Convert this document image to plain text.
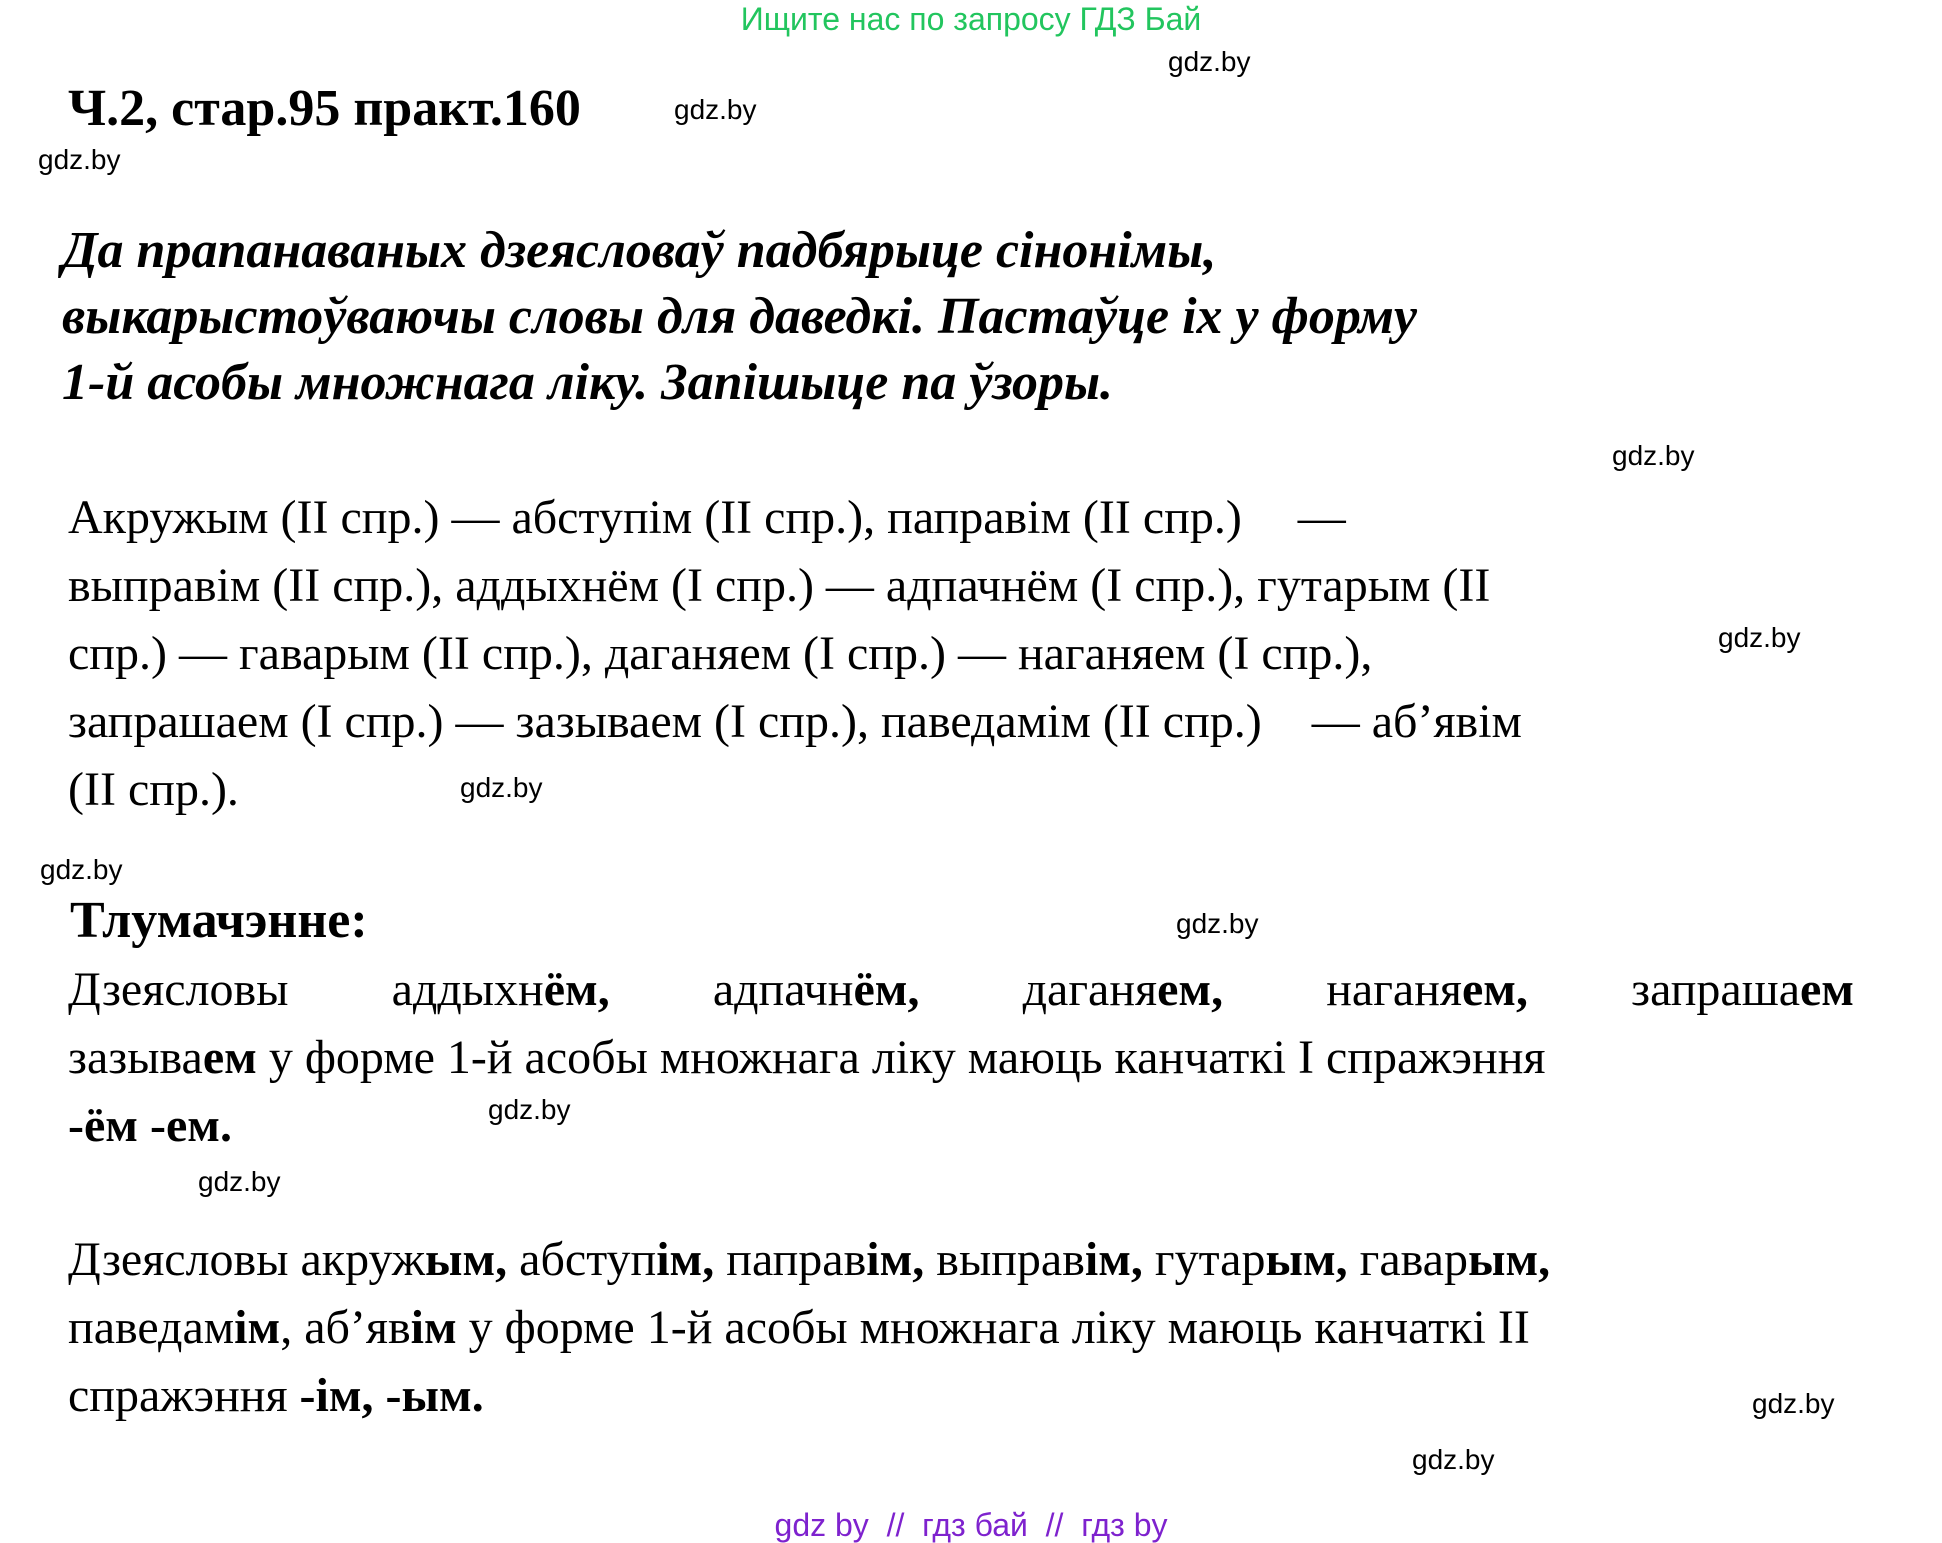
Ищите нас по запросу ГДЗ Бай
Ч.2, стар.95 практ.160
Да прапанаваных дзеясловаў падбярыце сінонімы,
выкарыстоўваючы словы для даведкі. Пастаўце іх у форму
1-й асобы множнага ліку. Запішыце па ўзоры.
Акружым (ІІ спр.) — абступім (ІІ спр.), паправім (ІІ спр.) —
выправім (ІІ спр.), аддыхнём (І спр.) — адпачнём (І спр.), гутарым (ІІ
спр.) — гаварым (ІІ спр.), даганяем (І спр.) — наганяем (І спр.),
запрашаем (І спр.) — зазываем (І спр.), паведамім (ІІ спр.) — аб’явім
(ІІ спр.).
Тлумачэнне:
Дзеясловы аддыхнём, адпачнём, даганяем, наганяем, запрашаем
зазываем у форме 1-й асобы множнага ліку маюць канчаткі І спражэння
-ём -ем.
Дзеясловы акружым, абступім, паправім, выправім, гутарым, гаварым,
паведамім, аб’явім у форме 1-й асобы множнага ліку маюць канчаткі ІІ
спражэння -ім, -ым.
gdz.by
gdz.by
gdz.by
gdz.by
gdz.by
gdz.by
gdz.by
gdz.by
gdz.by
gdz.by
gdz.by
gdz.by
gdz by  //  гдз бай  //  гдз by
